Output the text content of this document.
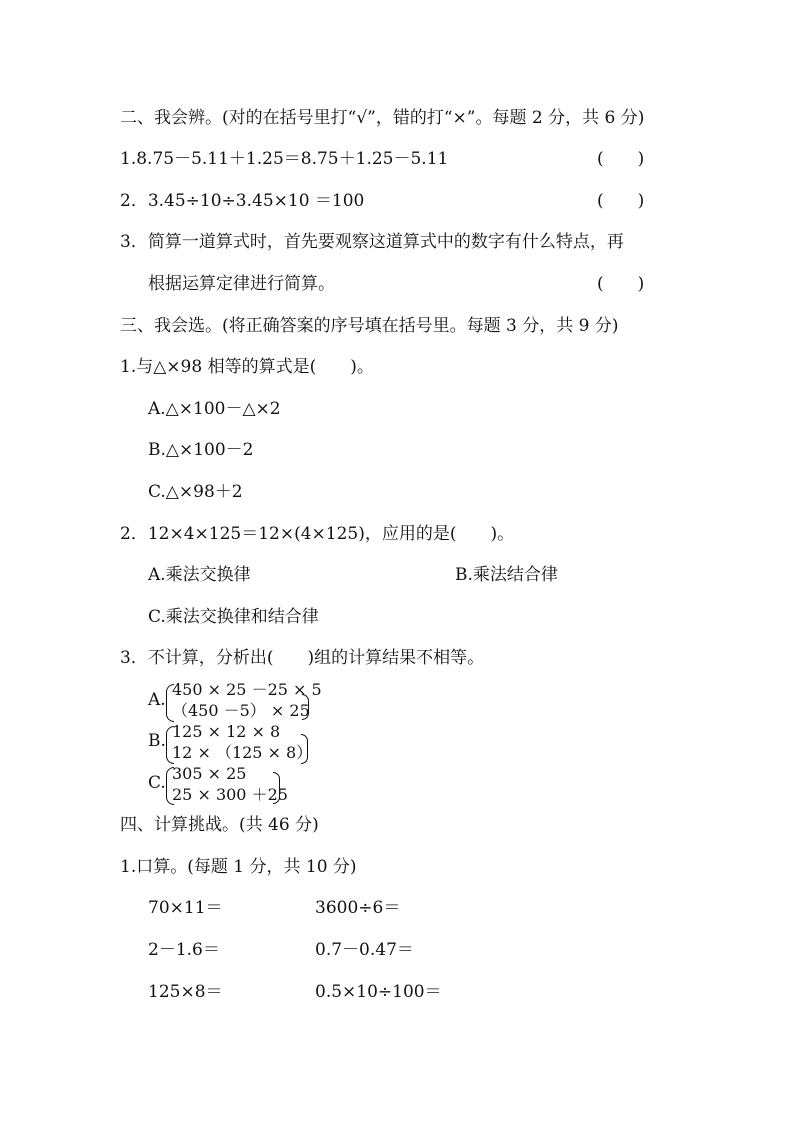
二、我会辨。(对的在括号里打“√”，错的打“×”。每题 2 分，共 6 分)
1.8.75－5.11＋1.25＝8.75＋1.25－5.11	(　　)
2．3.45÷10÷3.45×10 ＝100	(　　)
3．简算一道算式时，首先要观察这道算式中的数字有什么特点，再
根据运算定律进行简算。	(　　)
三、我会选。(将正确答案的序号填在括号里。每题 3 分，共 9 分)
1.与△×98 相等的算式是(　　)。
A.△×100－△×2
B.△×100－2
C.△×98＋2
2．12×4×125＝12×(4×125)，应用的是(　　)。
A.乘法交换律	B.乘法结合律
C.乘法交换律和结合律
3．不计算，分析出(　　)组的计算结果不相等。
A.
450 × 25 －25 × 5
（450 －5） × 25
B. 125 × 12 × 8
12 × （125 × 8）
C. 305 × 25
25 × 300 ＋25
四、计算挑战。(共 46 分)
1.口算。(每题 1 分，共 10 分)
70×11＝	3600÷6＝
2－1.6＝	0.7－0.47＝
125×8＝	0.5×10÷100＝
